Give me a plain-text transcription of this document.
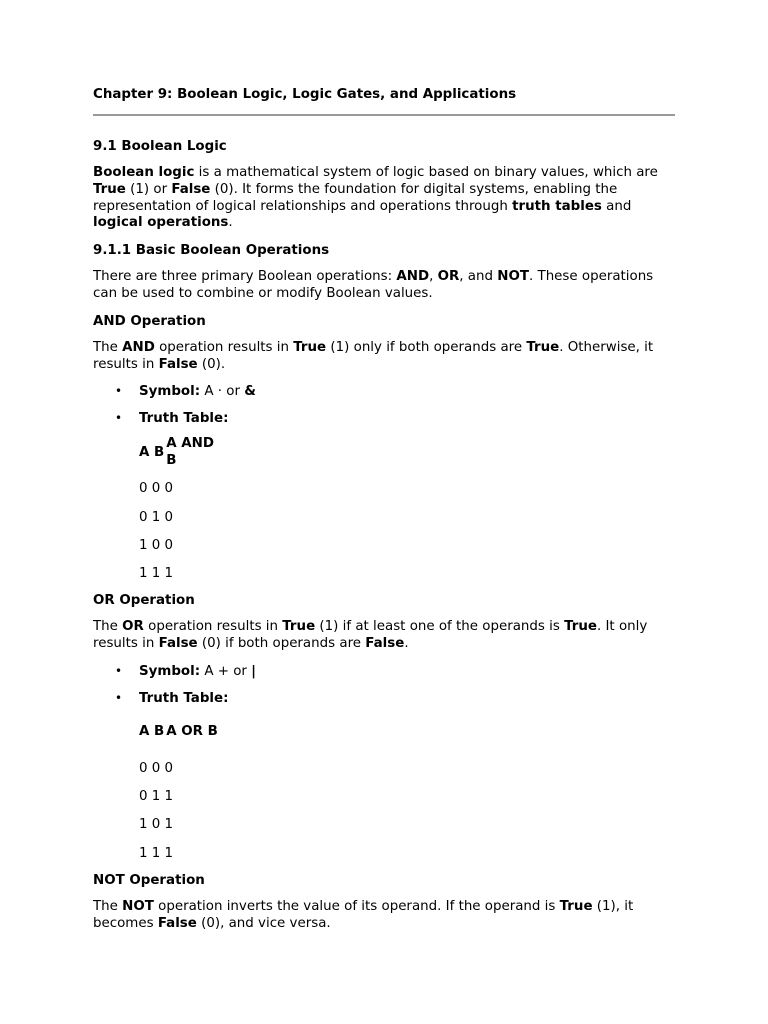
Chapter 9: Boolean Logic, Logic Gates, and Applications
9.1 Boolean Logic

Boolean logic is a mathematical system of logic based on binary values, which are True (1) or False (0). It forms the foundation for digital systems, enabling the representation of logical relationships and operations through truth tables and logical operations.

9.1.1 Basic Boolean Operations

There are three primary Boolean operations: AND, OR, and NOT. These operations can be used to combine or modify Boolean values.

AND Operation

The AND operation results in True (1) only if both operands are True. Otherwise, it results in False (0).

• Symbol: A · or &
• Truth Table:
A B
A AND B
0 0 0
0 1 0
1 0 0
1 1 1
OR Operation

The OR operation results in True (1) if at least one of the operands is True. It only results in False (0) if both operands are False.

• Symbol: A + or |
• Truth Table:
A B A OR B
0 0 0
0 1 1
1 0 1
1 1 1
NOT Operation

The NOT operation inverts the value of its operand. If the operand is True (1), it becomes False (0), and vice versa.
